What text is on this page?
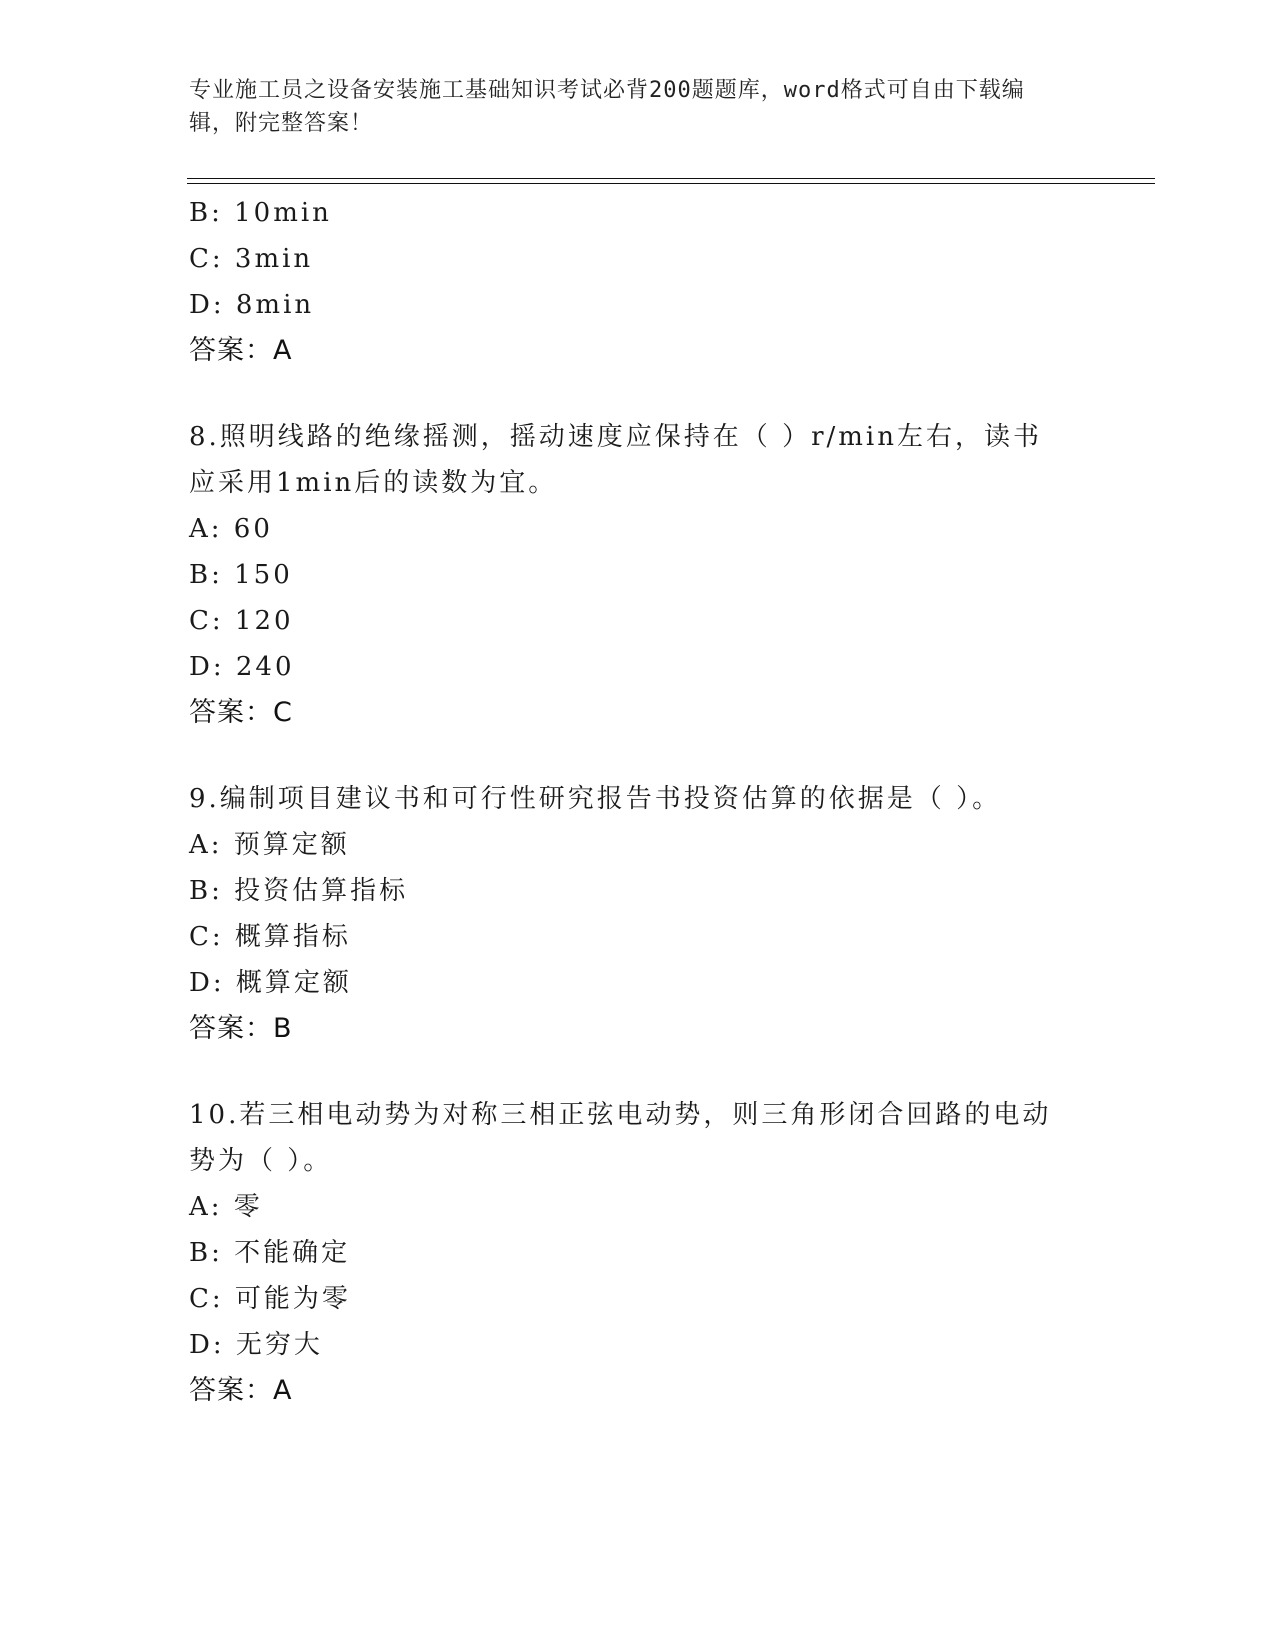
专业施工员之设备安装施工基础知识考试必背200题题库，word格式可自由下载编辑，附完整答案！
B: 10min
C: 3min
D: 8min
答案：A
8.照明线路的绝缘摇测，摇动速度应保持在（ ）r/min左右，读书应采用1min后的读数为宜。
A: 60
B: 150
C: 120
D: 240
答案：C
9.编制项目建议书和可行性研究报告书投资估算的依据是（ ）。
A: 预算定额
B: 投资估算指标
C: 概算指标
D: 概算定额
答案：B
10.若三相电动势为对称三相正弦电动势，则三角形闭合回路的电动势为（ ）。
A: 零
B: 不能确定
C: 可能为零
D: 无穷大
答案：A
